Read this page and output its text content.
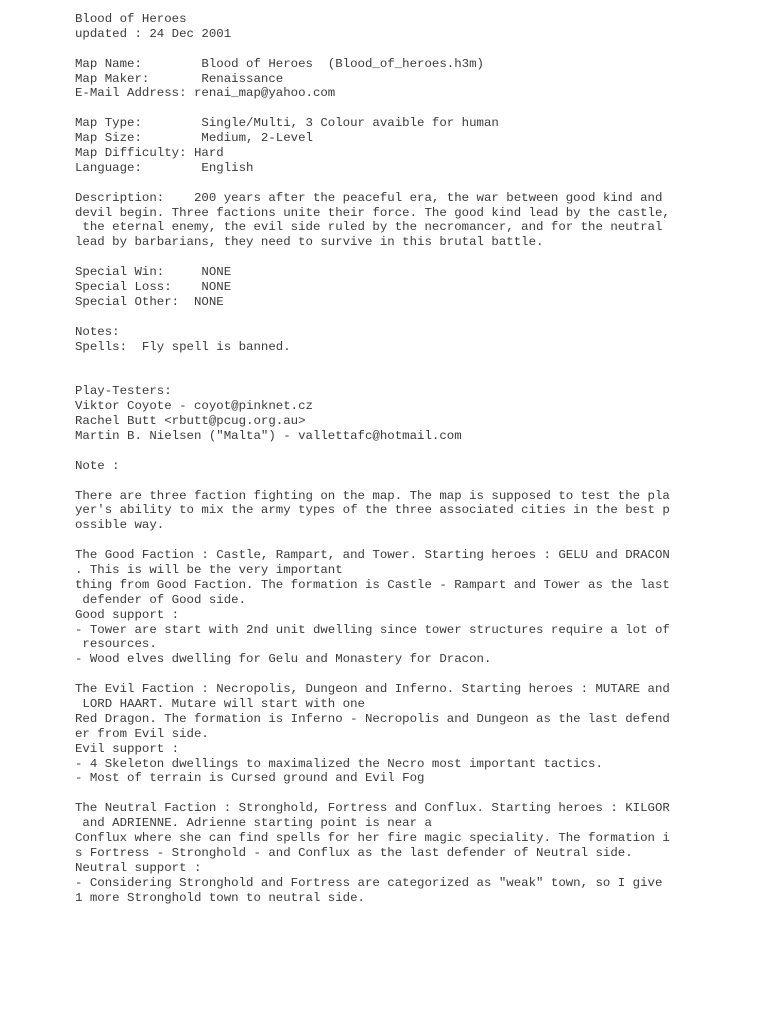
Blood of Heroes
updated : 24 Dec 2001

Map Name:        Blood of Heroes  (Blood_of_heroes.h3m)
Map Maker:       Renaissance
E-Mail Address: renai_map@yahoo.com

Map Type:        Single/Multi, 3 Colour avaible for human
Map Size:        Medium, 2-Level
Map Difficulty: Hard
Language:        English

Description:    200 years after the peaceful era, the war between good kind and
devil begin. Three factions unite their force. The good kind lead by the castle,
the eternal enemy, the evil side ruled by the necromancer, and for the neutral
lead by barbarians, they need to survive in this brutal battle.

Special Win:     NONE
Special Loss:    NONE
Special Other:  NONE

Notes:
Spells:  Fly spell is banned.

Play-Testers:
Viktor Coyote - coyot@pinknet.cz
Rachel Butt <rbutt@pcug.org.au>
Martin B. Nielsen ("Malta") - vallettafc@hotmail.com

Note :

There are three faction fighting on the map. The map is supposed to test the pla
yer's ability to mix the army types of the three associated cities in the best p
ossible way.

The Good Faction : Castle, Rampart, and Tower. Starting heroes : GELU and DRACON
. This is will be the very important
thing from Good Faction. The formation is Castle - Rampart and Tower as the last
defender of Good side.
Good support :
- Tower are start with 2nd unit dwelling since tower structures require a lot of
resources.
- Wood elves dwelling for Gelu and Monastery for Dracon.

The Evil Faction : Necropolis, Dungeon and Inferno. Starting heroes : MUTARE and
LORD HAART. Mutare will start with one
Red Dragon. The formation is Inferno - Necropolis and Dungeon as the last defend
er from Evil side.
Evil support :
- 4 Skeleton dwellings to maximalized the Necro most important tactics.
- Most of terrain is Cursed ground and Evil Fog

The Neutral Faction : Stronghold, Fortress and Conflux. Starting heroes : KILGOR
and ADRIENNE. Adrienne starting point is near a
Conflux where she can find spells for her fire magic speciality. The formation i
s Fortress - Stronghold - and Conflux as the last defender of Neutral side.
Neutral support :
- Considering Stronghold and Fortress are categorized as "weak" town, so I give
1 more Stronghold town to neutral side.
